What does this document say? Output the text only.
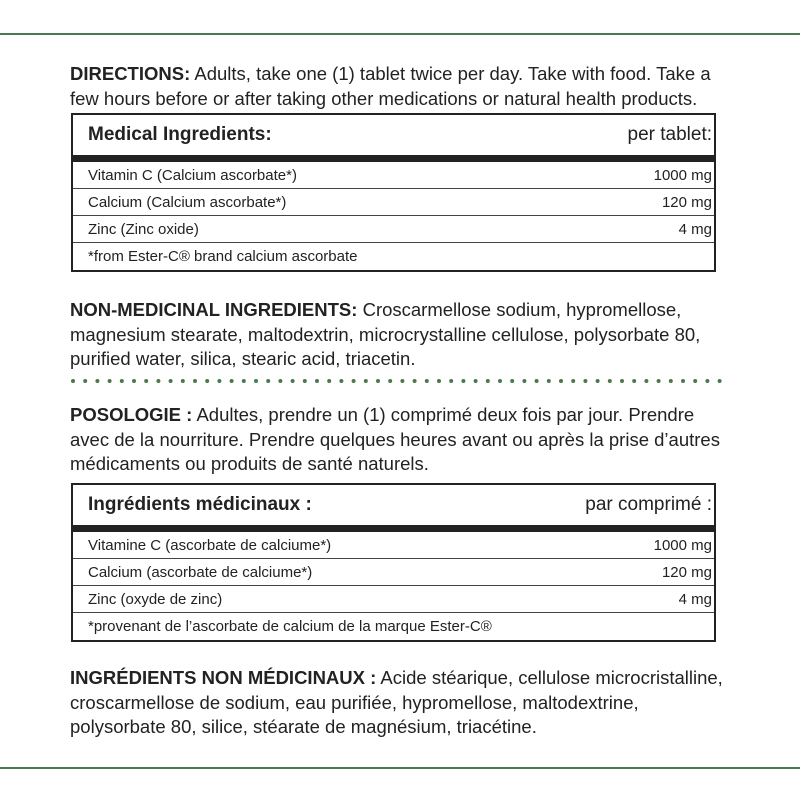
DIRECTIONS: Adults, take one (1) tablet twice per day. Take with food. Take a few hours before or after taking other medications or natural health products.
Medical Ingredients:	per tablet:
Vitamin C (Calcium ascorbate*)	1000 mg
Calcium (Calcium ascorbate*)	120 mg
Zinc (Zinc oxide)	4 mg
*from Ester-C® brand calcium ascorbate
NON-MEDICINAL INGREDIENTS: Croscarmellose sodium, hypromellose, magnesium stearate, maltodextrin, microcrystalline cellulose, polysorbate 80, purified water, silica, stearic acid, triacetin.
POSOLOGIE : Adultes, prendre un (1) comprimé deux fois par jour. Prendre avec de la nourriture. Prendre quelques heures avant ou après la prise d’autres médicaments ou produits de santé naturels.
Ingrédients médicinaux :	par comprimé :
Vitamine C (ascorbate de calciume*)	1000 mg
Calcium (ascorbate de calciume*)	120 mg
Zinc (oxyde de zinc)	4 mg
*provenant de l’ascorbate de calcium de la marque Ester-C®
INGRÉDIENTS NON MÉDICINAUX : Acide stéarique, cellulose microcristalline, croscarmellose de sodium, eau purifiée, hypromellose, maltodextrine, polysorbate 80, silice, stéarate de magnésium, triacétine.
